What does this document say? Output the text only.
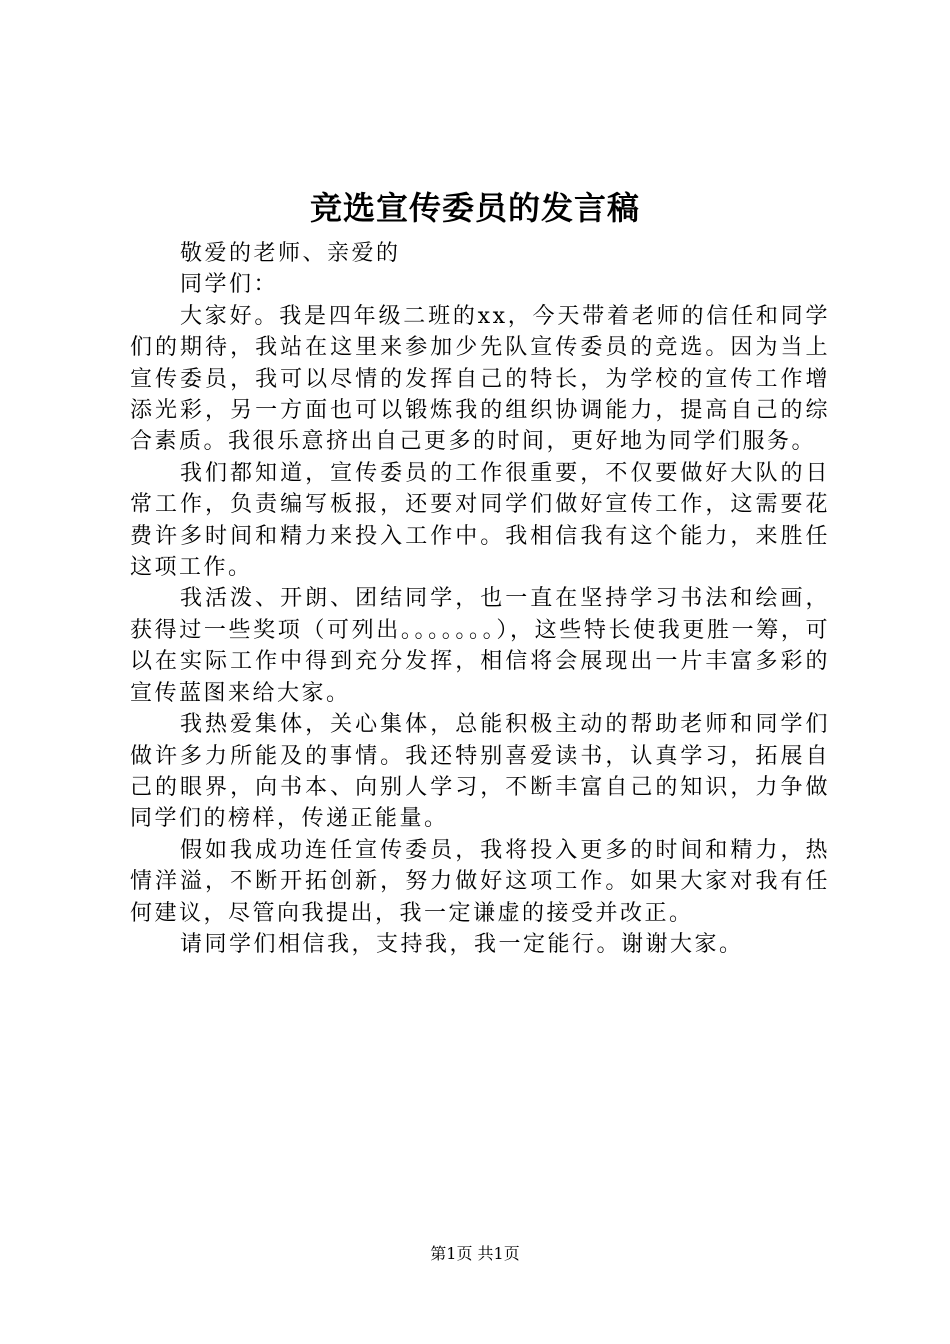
竞选宣传委员的发言稿

敬爱的老师、亲爱的

同学们：

大家好。我是四年级二班的xx，今天带着老师的信任和同学们的期待，我站在这里来参加少先队宣传委员的竞选。因为当上宣传委员，我可以尽情的发挥自己的特长，为学校的宣传工作增添光彩，另一方面也可以锻炼我的组织协调能力，提高自己的综合素质。我很乐意挤出自己更多的时间，更好地为同学们服务。

我们都知道，宣传委员的工作很重要，不仅要做好大队的日常工作，负责编写板报，还要对同学们做好宣传工作，这需要花费许多时间和精力来投入工作中。我相信我有这个能力，来胜任这项工作。

我活泼、开朗、团结同学，也一直在坚持学习书法和绘画，获得过一些奖项（可列出。。。。。。。），这些特长使我更胜一筹，可以在实际工作中得到充分发挥，相信将会展现出一片丰富多彩的宣传蓝图来给大家。

我热爱集体，关心集体，总能积极主动的帮助老师和同学们做许多力所能及的事情。我还特别喜爱读书，认真学习，拓展自己的眼界，向书本、向别人学习，不断丰富自己的知识，力争做同学们的榜样，传递正能量。

假如我成功连任宣传委员，我将投入更多的时间和精力，热情洋溢，不断开拓创新，努力做好这项工作。如果大家对我有任何建议，尽管向我提出，我一定谦虚的接受并改正。

请同学们相信我，支持我，我一定能行。谢谢大家。

第1页 共1页
